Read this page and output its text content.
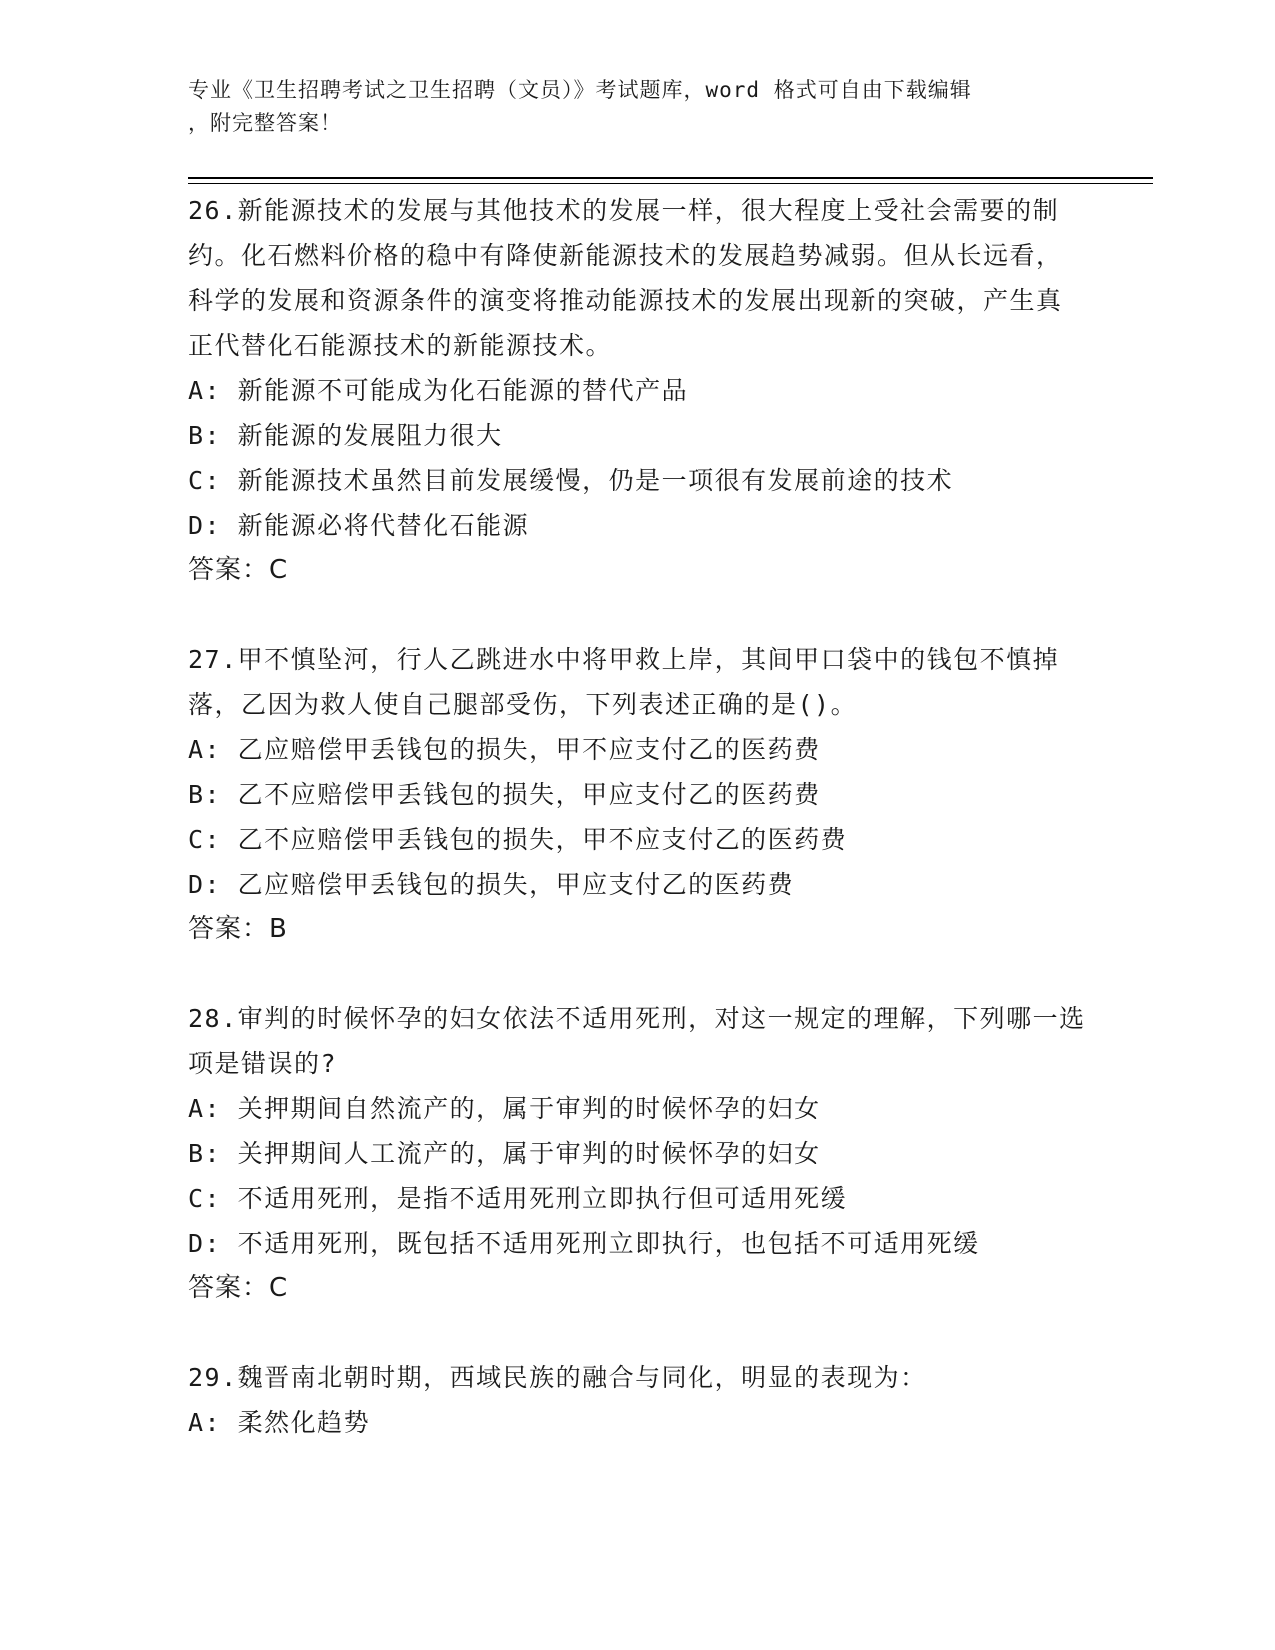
专业《卫生招聘考试之卫生招聘（文员）》考试题库，word 格式可自由下载编辑
，附完整答案！
26.新能源技术的发展与其他技术的发展一样，很大程度上受社会需要的制约。化石燃料价格的稳中有降使新能源技术的发展趋势减弱。但从长远看，科学的发展和资源条件的演变将推动能源技术的发展出现新的突破，产生真正代替化石能源技术的新能源技术。
A: 新能源不可能成为化石能源的替代产品
B: 新能源的发展阻力很大
C: 新能源技术虽然目前发展缓慢，仍是一项很有发展前途的技术
D: 新能源必将代替化石能源
答案：C
27.甲不慎坠河，行人乙跳进水中将甲救上岸，其间甲口袋中的钱包不慎掉落，乙因为救人使自己腿部受伤，下列表述正确的是()。
A: 乙应赔偿甲丢钱包的损失，甲不应支付乙的医药费
B: 乙不应赔偿甲丢钱包的损失，甲应支付乙的医药费
C: 乙不应赔偿甲丢钱包的损失，甲不应支付乙的医药费
D: 乙应赔偿甲丢钱包的损失，甲应支付乙的医药费
答案：B
28.审判的时候怀孕的妇女依法不适用死刑，对这一规定的理解，下列哪一选项是错误的?
A: 关押期间自然流产的，属于审判的时候怀孕的妇女
B: 关押期间人工流产的，属于审判的时候怀孕的妇女
C: 不适用死刑，是指不适用死刑立即执行但可适用死缓
D: 不适用死刑，既包括不适用死刑立即执行，也包括不可适用死缓
答案：C
29.魏晋南北朝时期，西域民族的融合与同化，明显的表现为：
A: 柔然化趋势
